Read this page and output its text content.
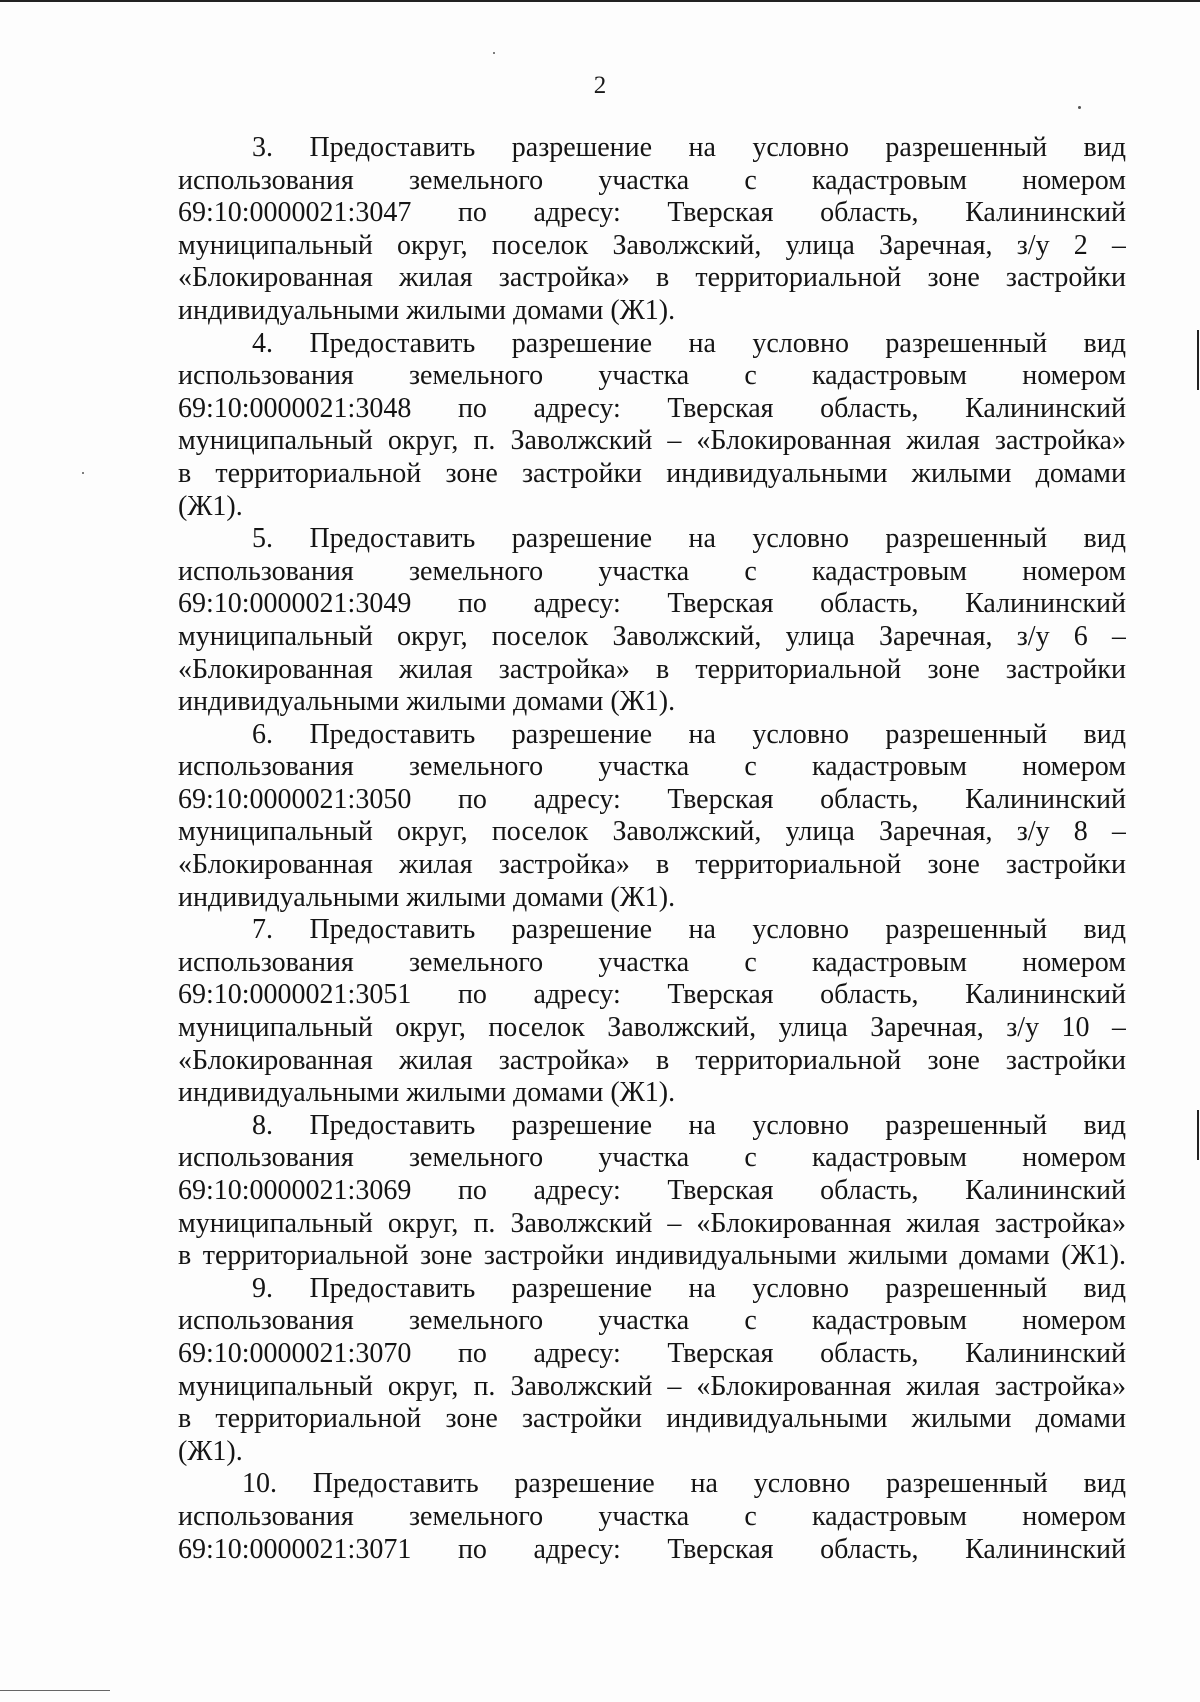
2
3. Предоставить разрешение на условно разрешенный вид
использования земельного участка с кадастровым номером
69:10:0000021:3047 по адресу: Тверская область, Калининский
муниципальный округ, поселок Заволжский, улица Заречная, з/у 2 –
«Блокированная жилая застройка» в территориальной зоне застройки
индивидуальными жилыми домами (Ж1).
4. Предоставить разрешение на условно разрешенный вид
использования земельного участка с кадастровым номером
69:10:0000021:3048 по адресу: Тверская область, Калининский
муниципальный округ, п. Заволжский – «Блокированная жилая застройка»
в территориальной зоне застройки индивидуальными жилыми домами
(Ж1).
5. Предоставить разрешение на условно разрешенный вид
использования земельного участка с кадастровым номером
69:10:0000021:3049 по адресу: Тверская область, Калининский
муниципальный округ, поселок Заволжский, улица Заречная, з/у 6 –
«Блокированная жилая застройка» в территориальной зоне застройки
индивидуальными жилыми домами (Ж1).
6. Предоставить разрешение на условно разрешенный вид
использования земельного участка с кадастровым номером
69:10:0000021:3050 по адресу: Тверская область, Калининский
муниципальный округ, поселок Заволжский, улица Заречная, з/у 8 –
«Блокированная жилая застройка» в территориальной зоне застройки
индивидуальными жилыми домами (Ж1).
7. Предоставить разрешение на условно разрешенный вид
использования земельного участка с кадастровым номером
69:10:0000021:3051 по адресу: Тверская область, Калининский
муниципальный округ, поселок Заволжский, улица Заречная, з/у 10 –
«Блокированная жилая застройка» в территориальной зоне застройки
индивидуальными жилыми домами (Ж1).
8. Предоставить разрешение на условно разрешенный вид
использования земельного участка с кадастровым номером
69:10:0000021:3069 по адресу: Тверская область, Калининский
муниципальный округ, п. Заволжский – «Блокированная жилая застройка»
в территориальной зоне застройки индивидуальными жилыми домами (Ж1).
9. Предоставить разрешение на условно разрешенный вид
использования земельного участка с кадастровым номером
69:10:0000021:3070 по адресу: Тверская область, Калининский
муниципальный округ, п. Заволжский – «Блокированная жилая застройка»
в территориальной зоне застройки индивидуальными жилыми домами
(Ж1).
10. Предоставить разрешение на условно разрешенный вид
использования земельного участка с кадастровым номером
69:10:0000021:3071 по адресу: Тверская область, Калининский
